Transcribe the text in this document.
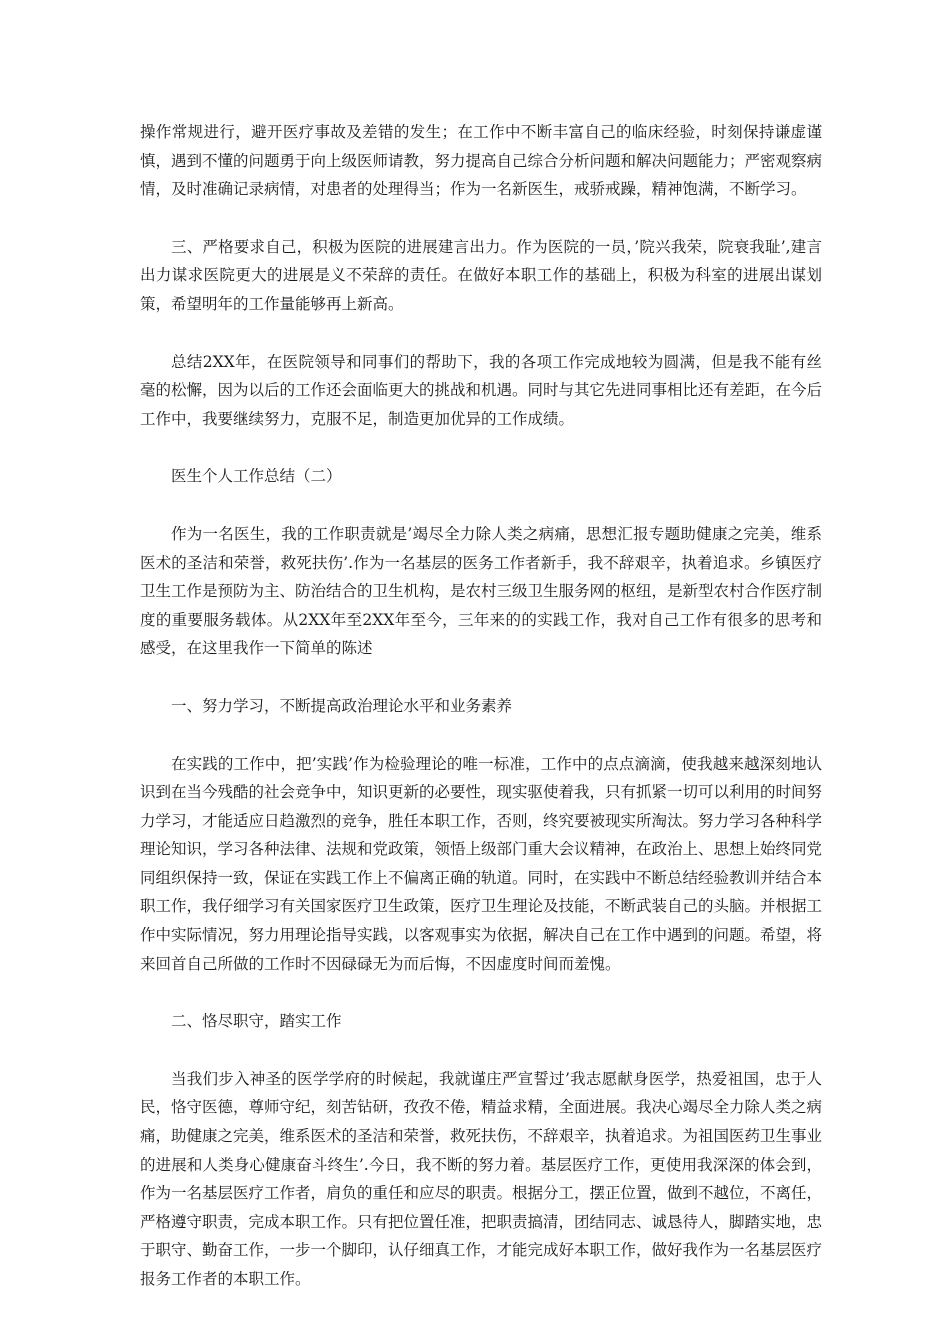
操作常规进行，避开医疗事故及差错的发生；在工作中不断丰富自己的临床经验，时刻保持谦虚谨慎，遇到不懂的问题勇于向上级医师请教，努力提高自己综合分析问题和解决问题能力；严密观察病情，及时准确记录病情，对患者的处理得当；作为一名新医生，戒骄戒躁，精神饱满，不断学习。

三、严格要求自己，积极为医院的进展建言出力。作为医院的一员，’院兴我荣，院衰我耻’,建言出力谋求医院更大的进展是义不荣辞的责任。在做好本职工作的基础上，积极为科室的进展出谋划策，希望明年的工作量能够再上新高。

总结2XX年，在医院领导和同事们的帮助下，我的各项工作完成地较为圆满，但是我不能有丝毫的松懈，因为以后的工作还会面临更大的挑战和机遇。同时与其它先进同事相比还有差距，在今后工作中，我要继续努力，克服不足，制造更加优异的工作成绩。

医生个人工作总结（二）

作为一名医生，我的工作职责就是’竭尽全力除人类之病痛，思想汇报专题助健康之完美，维系医术的圣洁和荣誉，救死扶伤’.作为一名基层的医务工作者新手，我不辞艰辛，执着追求。乡镇医疗卫生工作是预防为主、防治结合的卫生机构，是农村三级卫生服务网的枢纽，是新型农村合作医疗制度的重要服务载体。从2XX年至2XX年至今，三年来的的实践工作，我对自己工作有很多的思考和感受，在这里我作一下简单的陈述

一、努力学习，不断提高政治理论水平和业务素养

在实践的工作中，把’实践’作为检验理论的唯一标准，工作中的点点滴滴，使我越来越深刻地认识到在当今残酷的社会竞争中，知识更新的必要性，现实驱使着我，只有抓紧一切可以利用的时间努力学习，才能适应日趋激烈的竞争，胜任本职工作，否则，终究要被现实所淘汰。努力学习各种科学理论知识，学习各种法律、法规和党政策，领悟上级部门重大会议精神，在政治上、思想上始终同党同组织保持一致，保证在实践工作上不偏离正确的轨道。同时，在实践中不断总结经验教训并结合本职工作，我仔细学习有关国家医疗卫生政策，医疗卫生理论及技能，不断武装自己的头脑。并根据工作中实际情况，努力用理论指导实践，以客观事实为依据，解决自己在工作中遇到的问题。希望，将来回首自己所做的工作时不因碌碌无为而后悔，不因虚度时间而羞愧。

二、恪尽职守，踏实工作

当我们步入神圣的医学学府的时候起，我就谨庄严宣誓过’我志愿献身医学，热爱祖国，忠于人民，恪守医德，尊师守纪，刻苦钻研，孜孜不倦，精益求精，全面进展。我决心竭尽全力除人类之病痛，助健康之完美，维系医术的圣洁和荣誉，救死扶伤，不辞艰辛，执着追求。为祖国医药卫生事业的进展和人类身心健康奋斗终生’.今日，我不断的努力着。基层医疗工作，更使用我深深的体会到，作为一名基层医疗工作者，肩负的重任和应尽的职责。根据分工，摆正位置，做到不越位，不离任，严格遵守职责，完成本职工作。只有把位置任准，把职责搞清，团结同志、诚恳待人，脚踏实地，忠于职守、勤奋工作，一步一个脚印，认仔细真工作，才能完成好本职工作，做好我作为一名基层医疗报务工作者的本职工作。
